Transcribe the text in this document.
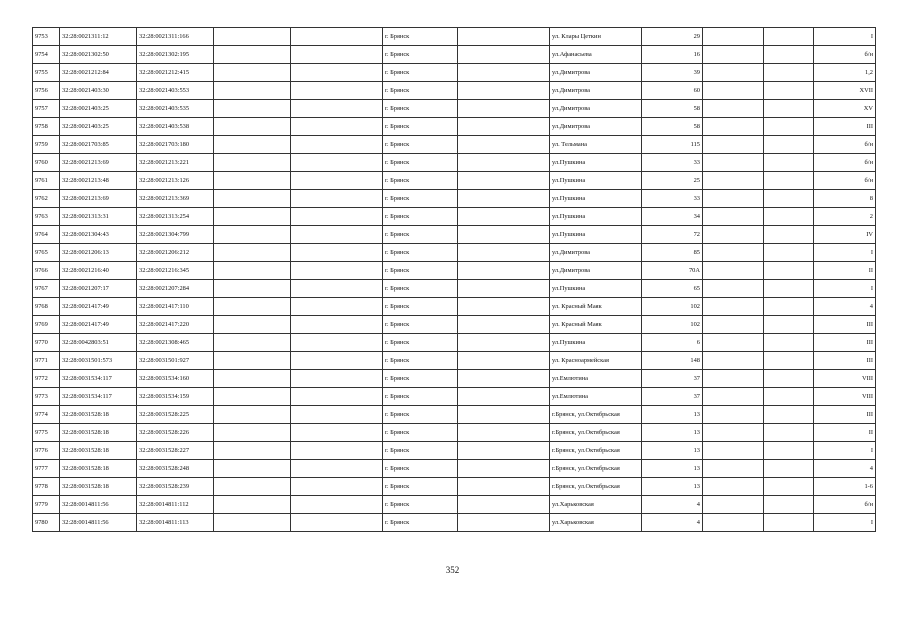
9753	32:28:0021311:12	32:28:0021311:166			г. Брянск		ул. Клары Цеткин	29			I
9754	32:28:0021302:50	32:28:0021302:195			г. Брянск		ул.Афанасьева	16			б/н
9755	32:28:0021212:84	32:28:0021212:415			г. Брянск		ул.Димитрова	39			1,2
9756	32:28:0021403:30	32:28:0021403:553			г. Брянск		ул.Димитрова	60			XVII
9757	32:28:0021403:25	32:28:0021403:535			г. Брянск		ул.Димитрова	58			XV
9758	32:28:0021403:25	32:28:0021403:538			г. Брянск		ул.Димитрова	58			III
9759	32:28:0021703:85	32:28:0021703:180			г. Брянск		ул. Тельмана	115			б/н
9760	32:28:0021213:69	32:28:0021213:221			г. Брянск		ул.Пушкина	33			б/н
9761	32:28:0021213:48	32:28:0021213:126			г. Брянск		ул.Пушкина	25			б/н
9762	32:28:0021213:69	32:28:0021213:369			г. Брянск		ул.Пушкина	33			8
9763	32:28:0021313:31	32:28:0021313:254			г. Брянск		ул.Пушкина	34			2
9764	32:28:0021304:43	32:28:0021304:799			г. Брянск		ул.Пушкина	72			IV
9765	32:28:0021206:13	32:28:0021206:212			г. Брянск		ул.Димитрова	85			I
9766	32:28:0021216:40	32:28:0021216:345			г. Брянск		ул.Димитрова	70А			II
9767	32:28:0021207:17	32:28:0021207:284			г. Брянск		ул.Пушкина	65			I
9768	32:28:0021417:49	32:28:0021417:110			г. Брянск		ул. Красный Маяк	102			4
9769	32:28:0021417:49	32:28:0021417:220			г. Брянск		ул. Красный Маяк	102			III
9770	32:28:0042803:51	32:28:0021308:465			г. Брянск		ул.Пушкина	6			III
9771	32:28:0031501:573	32:28:0031501:927			г. Брянск		ул. Красноармейская	148			III
9772	32:28:0031534:117	32:28:0031534:160			г. Брянск		ул.Емлютина	37			VIII
9773	32:28:0031534:117	32:28:0031534:159			г. Брянск		ул.Емлютина	37			VIII
9774	32:28:0031528:18	32:28:0031528:225			г. Брянск		г.Брянск, ул.Октябрьская	13			III
9775	32:28:0031528:18	32:28:0031528:226			г. Брянск		г.Брянск, ул.Октябрьская	13			II
9776	32:28:0031528:18	32:28:0031528:227			г. Брянск		г.Брянск, ул.Октябрьская	13			I
9777	32:28:0031528:18	32:28:0031528:248			г. Брянск		г.Брянск, ул.Октябрьская	13			4
9778	32:28:0031528:18	32:28:0031528:239			г. Брянск		г.Брянск, ул.Октябрьская	13			1-6
9779	32:28:0014811:56	32:28:0014811:112			г. Брянск		ул.Харьковская	4			б/н
9780	32:28:0014811:56	32:28:0014811:113			г. Брянск		ул.Харьковская	4			I
352
